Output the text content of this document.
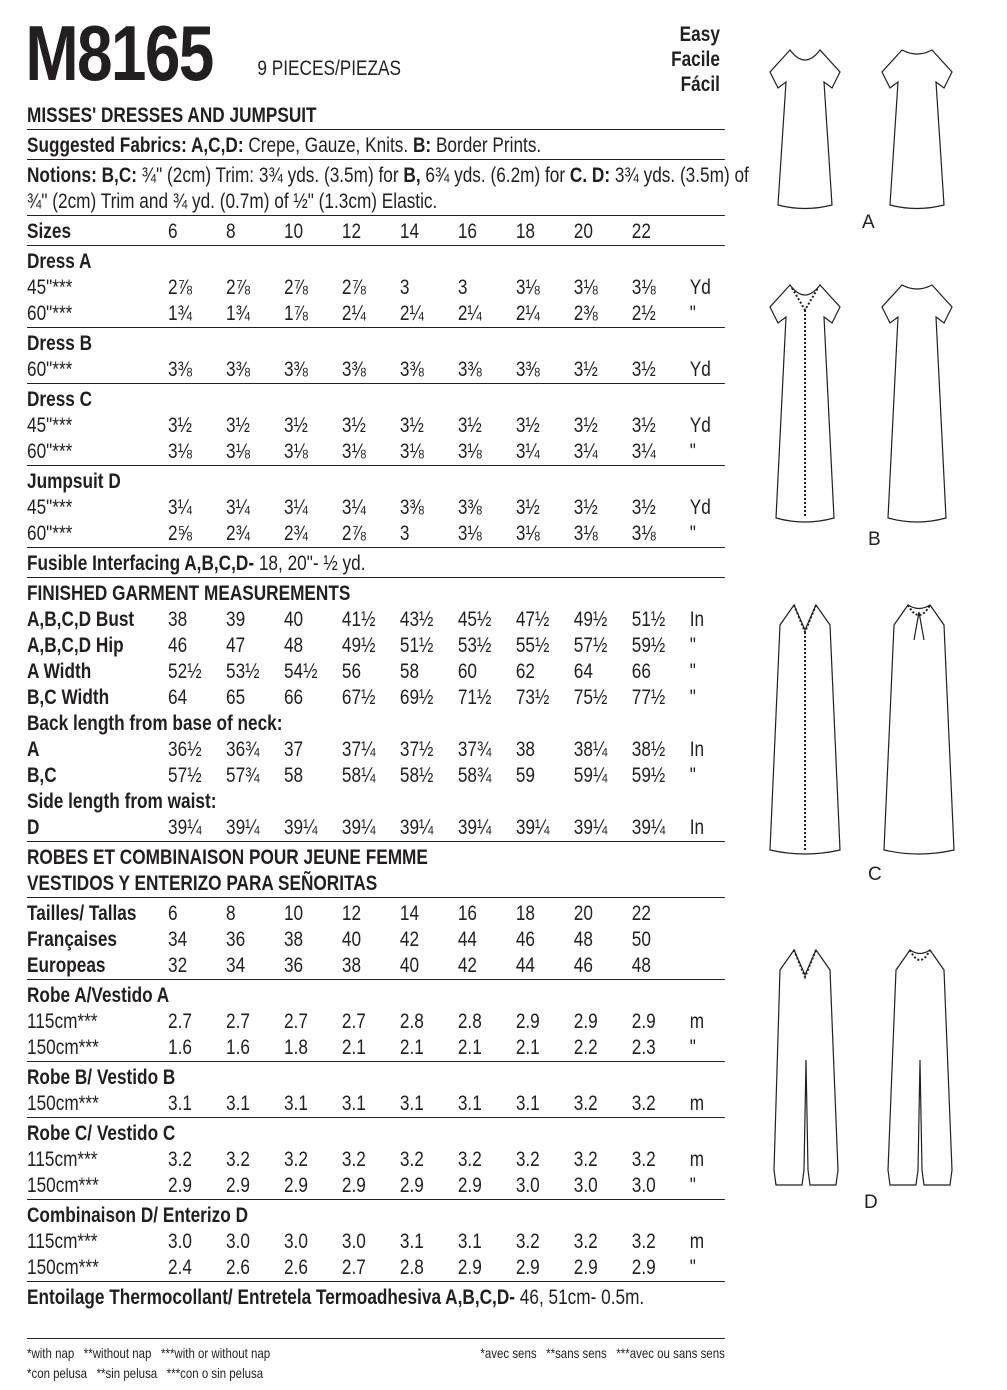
M8165 9 PIECES/PIEZAS
Easy
Facile
Fácil
MISSES' DRESSES AND JUMPSUIT
Suggested Fabrics: A,C,D: Crepe, Gauze, Knits. B: Border Prints.
Notions: B,C: ¾" (2cm) Trim: 3¾ yds. (3.5m) for B, 6¾ yds. (6.2m) for C. D: 3¾ yds. (3.5m) of
¾" (2cm) Trim and ¾ yd. (0.7m) of ½" (1.3cm) Elastic.
Sizes	6	8	10	12	14	16	18	20	22
Dress A
45"***	2⅞	2⅞	2⅞	2⅞	3	3	3⅛	3⅛	3⅛	Yd
60"***	1¾	1¾	1⅞	2¼	2¼	2¼	2¼	2⅜	2½	"
Dress B
60"***	3⅜	3⅜	3⅜	3⅜	3⅜	3⅜	3⅜	3½	3½	Yd
Dress C
45"***	3½	3½	3½	3½	3½	3½	3½	3½	3½	Yd
60"***	3⅛	3⅛	3⅛	3⅛	3⅛	3⅛	3¼	3¼	3¼	"
Jumpsuit D
45"***	3¼	3¼	3¼	3¼	3⅜	3⅜	3½	3½	3½	Yd
60"***	2⅝	2¾	2¾	2⅞	3	3⅛	3⅛	3⅛	3⅛	"
Fusible Interfacing A,B,C,D- 18, 20"- ½ yd.
FINISHED GARMENT MEASUREMENTS
A,B,C,D Bust	38	39	40	41½	43½	45½	47½	49½	51½	In
A,B,C,D Hip	46	47	48	49½	51½	53½	55½	57½	59½	"
A Width	52½	53½	54½	56	58	60	62	64	66	"
B,C Width	64	65	66	67½	69½	71½	73½	75½	77½	"
Back length from base of neck:
A	36½	36¾	37	37¼	37½	37¾	38	38¼	38½	In
B,C	57½	57¾	58	58¼	58½	58¾	59	59¼	59½	"
Side length from waist:
D	39¼	39¼	39¼	39¼	39¼	39¼	39¼	39¼	39¼	In
ROBES ET COMBINAISON POUR JEUNE FEMME
VESTIDOS Y ENTERIZO PARA SEÑORITAS
Tailles/ Tallas	6	8	10	12	14	16	18	20	22
Françaises	34	36	38	40	42	44	46	48	50
Europeas	32	34	36	38	40	42	44	46	48
Robe A/Vestido A
115cm***	2.7	2.7	2.7	2.7	2.8	2.8	2.9	2.9	2.9	m
150cm***	1.6	1.6	1.8	2.1	2.1	2.1	2.1	2.2	2.3	"
Robe B/ Vestido B
150cm***	3.1	3.1	3.1	3.1	3.1	3.1	3.1	3.2	3.2	m
Robe C/ Vestido C
115cm***	3.2	3.2	3.2	3.2	3.2	3.2	3.2	3.2	3.2	m
150cm***	2.9	2.9	2.9	2.9	2.9	2.9	3.0	3.0	3.0	"
Combinaison D/ Enterizo D
115cm***	3.0	3.0	3.0	3.0	3.1	3.1	3.2	3.2	3.2	m
150cm***	2.4	2.6	2.6	2.7	2.8	2.9	2.9	2.9	2.9	"
Entoilage Thermocollant/ Entretela Termoadhesiva A,B,C,D- 46, 51cm- 0.5m.
*with nap   **without nap   ***with or without nap
*con pelusa   **sin pelusa   ***con o sin pelusa
*avec sens   **sans sens   ***avec ou sans sens
A
B
C
D
